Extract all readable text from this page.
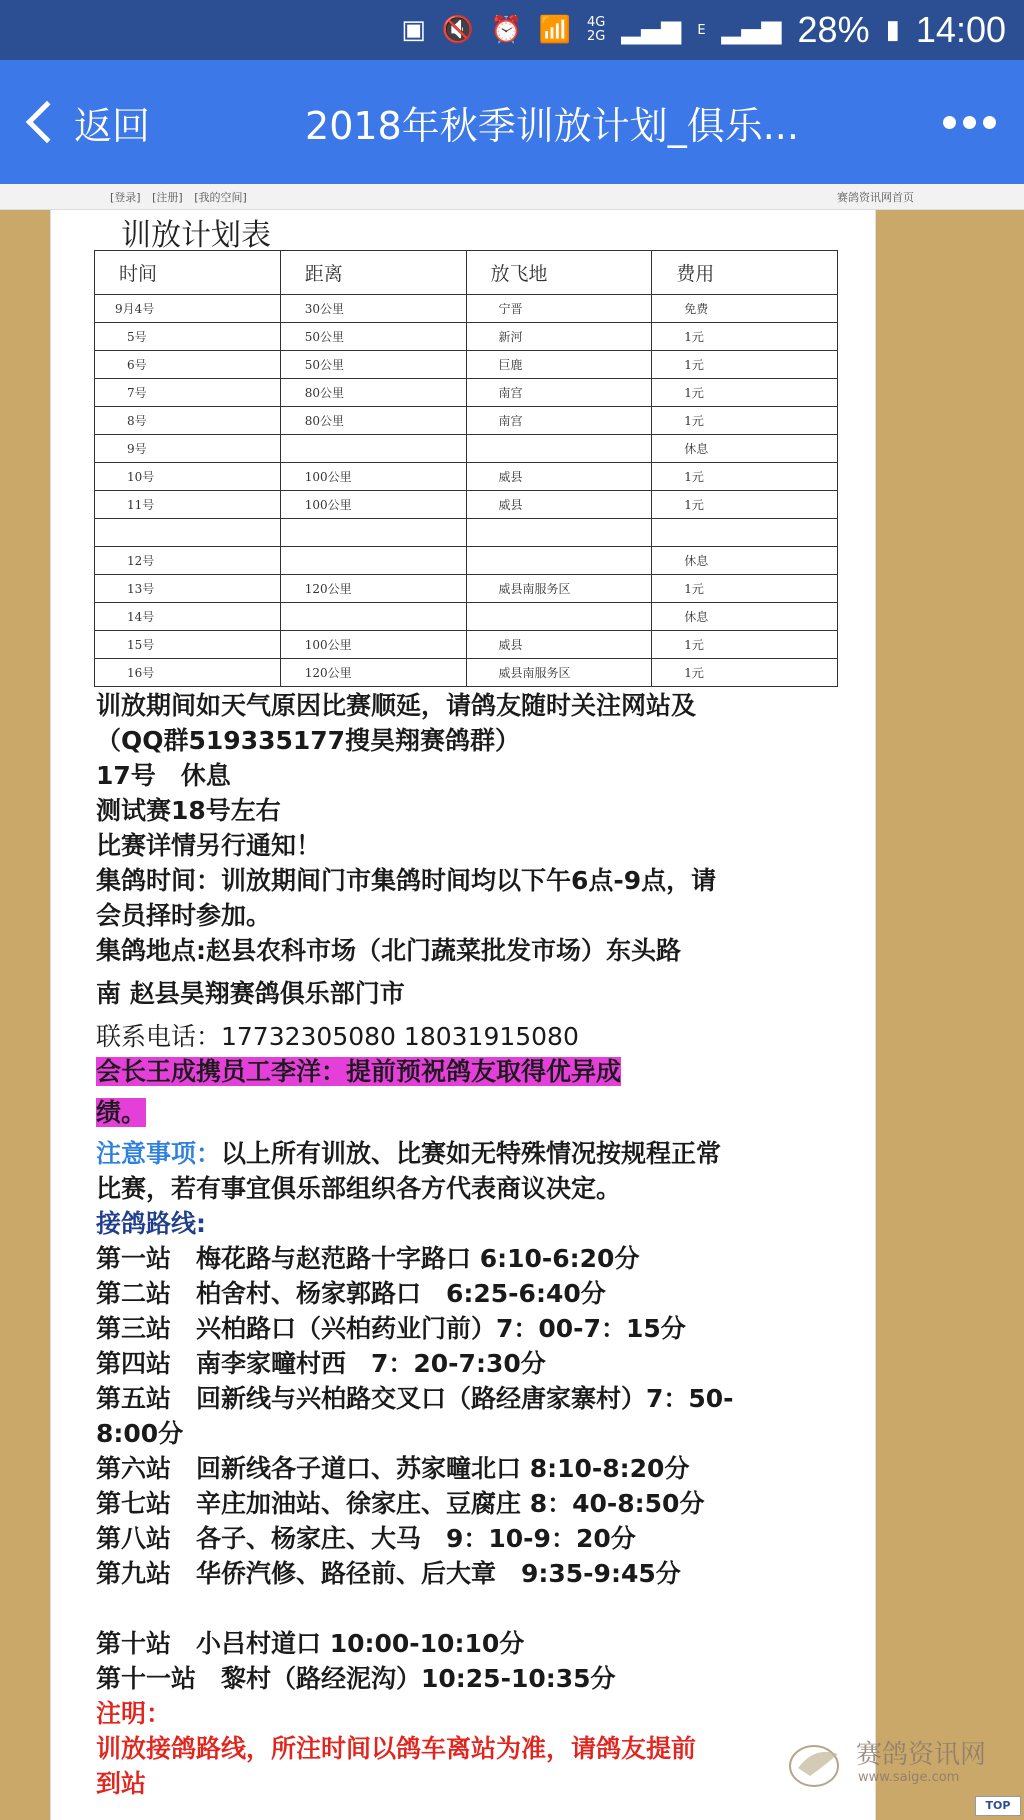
▣ 🔇 ⏰ 📶 4G
2G ▂▄▆ E ▂▄▆ 28% ▮ 14:00
返回	2018年秋季训放计划_俱乐...
[登录] [注册] [我的空间]	赛鸽资讯网首页
训放计划表
时间	距离	放飞地	费用
9月4号	30公里	宁晋	免费
5号	50公里	新河	1元
6号	50公里	巨鹿	1元
7号	80公里	南宫	1元
8号	80公里	南宫	1元
9号			休息
10号	100公里	威县	1元
11号	100公里	威县	1元

12号			休息
13号	120公里	威县南服务区	1元
14号			休息
15号	100公里	威县	1元
16号	120公里	威县南服务区	1元

训放期间如天气原因比赛顺延，请鸽友随时关注网站及

（QQ群519335177搜昊翔赛鸽群）

17号　休息

测试赛18号左右

比赛详情另行通知！

集鸽时间：训放期间门市集鸽时间均以下午6点-9点，请

会员择时参加。

集鸽地点:赵县农科市场（北门蔬菜批发市场）东头路

南 赵县昊翔赛鸽俱乐部门市

联系电话：17732305080 18031915080

会长王成携员工李洋：提前预祝鸽友取得优异成

绩。

注意事项：以上所有训放、比赛如无特殊情况按规程正常

比赛，若有事宜俱乐部组织各方代表商议决定。

接鸽路线:

第一站　梅花路与赵范路十字路口 6:10-6:20分

第二站　柏舍村、杨家郭路口　6:25-6:40分

第三站　兴柏路口（兴柏药业门前）7：00-7：15分

第四站　南李家疃村西　7：20-7:30分

第五站　回新线与兴柏路交叉口（路经唐家寨村）7：50-

8:00分

第六站　回新线各子道口、苏家疃北口 8:10-8:20分

第七站　辛庄加油站、徐家庄、豆腐庄 8：40-8:50分

第八站　各子、杨家庄、大马　9：10-9：20分

第九站　华侨汽修、路径前、后大章　9:35-9:45分

第十站　小吕村道口 10:00-10:10分

第十一站　黎村（路经泥沟）10:25-10:35分

注明：

训放接鸽路线，所注时间以鸽车离站为准，请鸽友提前

到站

赛鸽资讯网
www.saige.com
TOP
